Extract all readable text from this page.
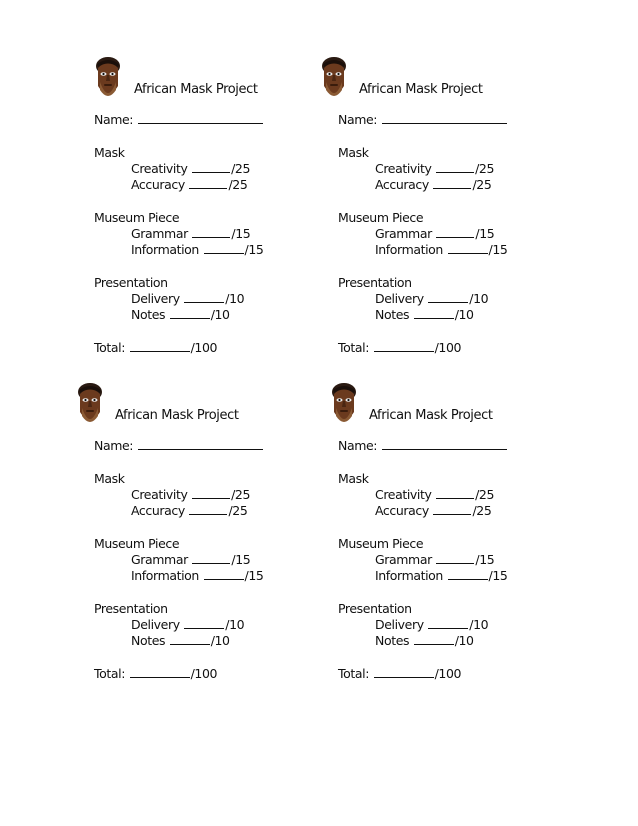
African Mask Project
Name:
Mask
Creativity	/25
Accuracy	/25
Museum Piece
Grammar	/15
Information	/15
Presentation
Delivery	/10
Notes	/10
Total:	/100
African Mask Project
Name:
Mask
Creativity	/25
Accuracy	/25
Museum Piece
Grammar	/15
Information	/15
Presentation
Delivery	/10
Notes	/10
Total:	/100
African Mask Project
Name:
Mask
Creativity	/25
Accuracy	/25
Museum Piece
Grammar	/15
Information	/15
Presentation
Delivery	/10
Notes	/10
Total:	/100
African Mask Project
Name:
Mask
Creativity	/25
Accuracy	/25
Museum Piece
Grammar	/15
Information	/15
Presentation
Delivery	/10
Notes	/10
Total:	/100
